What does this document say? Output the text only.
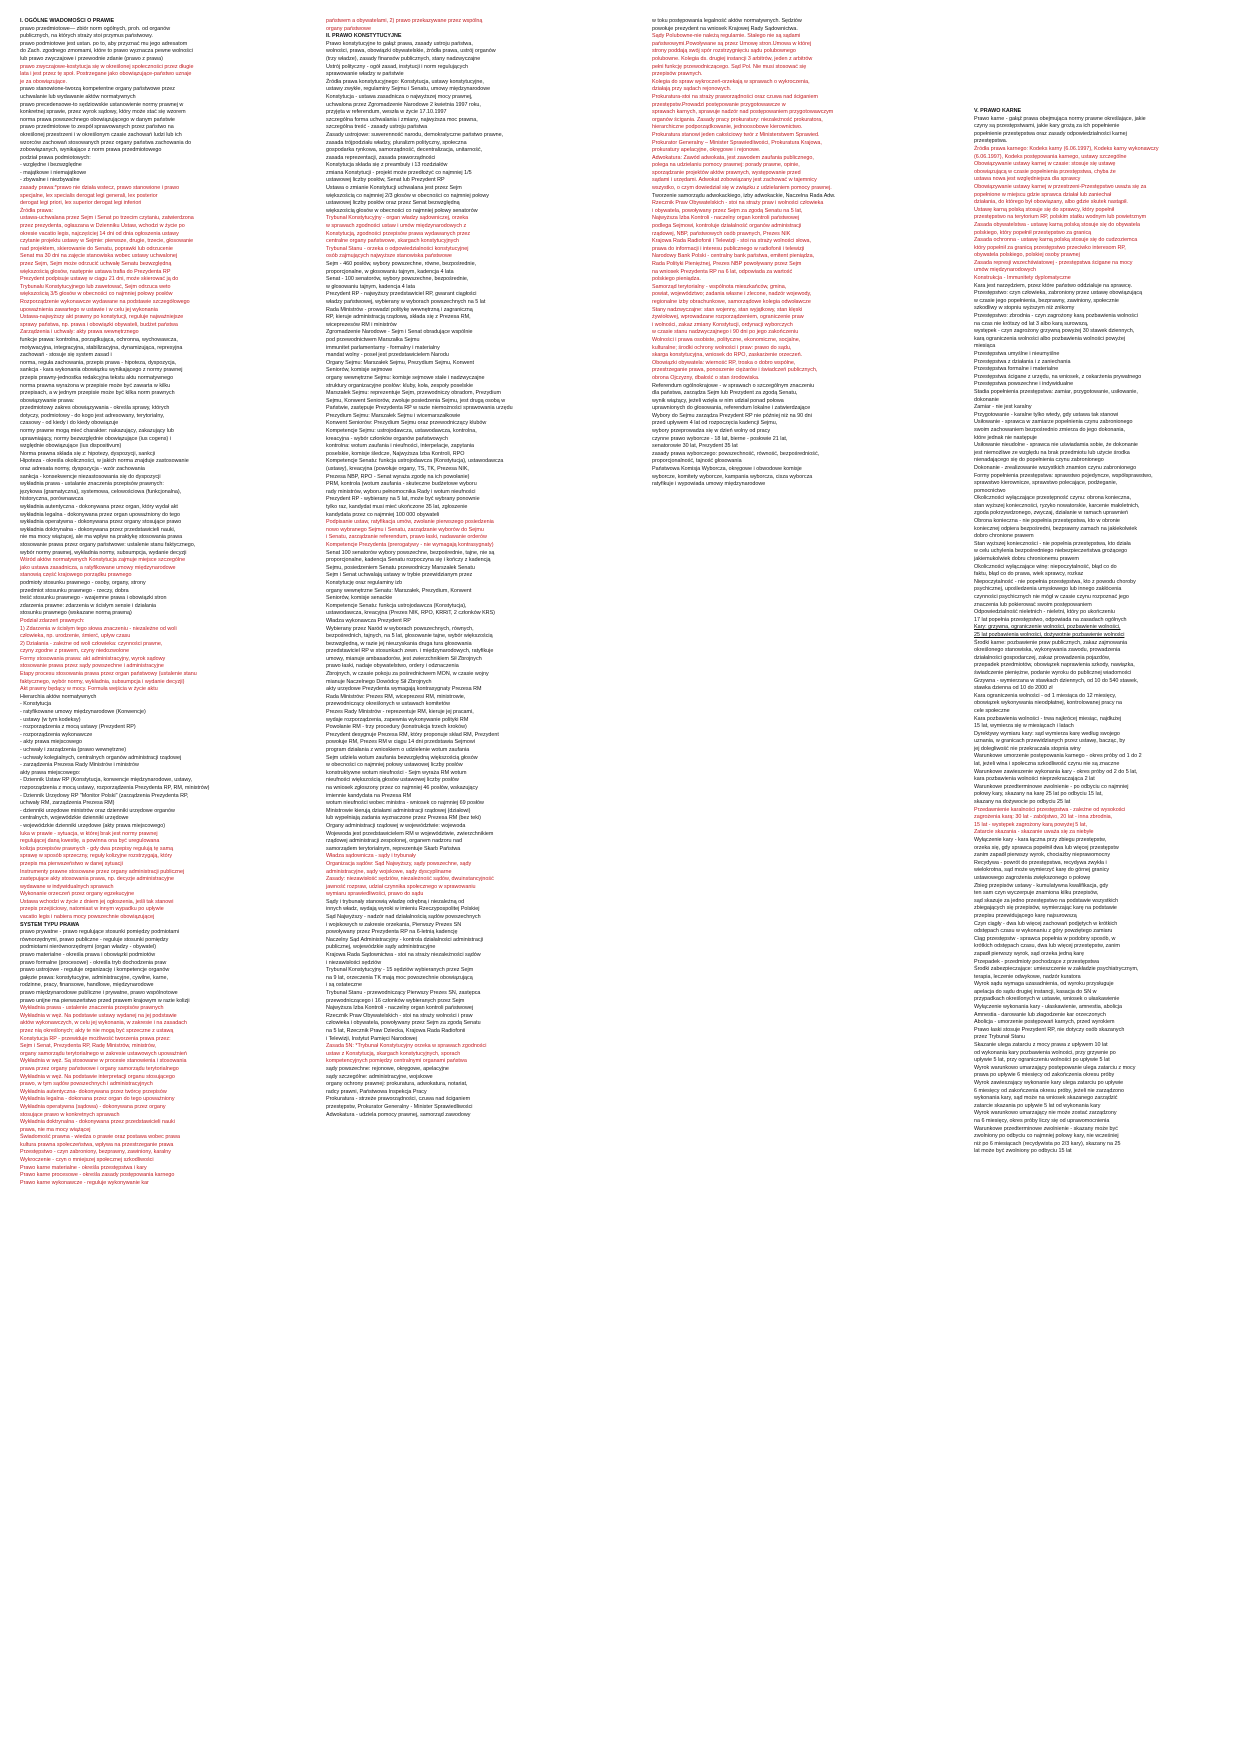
I. OGÓLNE WIADOMOŚCI O PRAWIE
prawo przedmiotowe— zbiór norm ogólnych, proh. od organów
publicznych, na których straży stoi przymus państwowy.
prawo podmiotowe jest ustan. po to, aby przyznać mu jego adresatom
do Zach. zgodnego zmomami, które to prawo wyznacza pewne wolności
lub prawo zwyczajowe i przewodnie zdanie (prawo z prawa)
prawo zwyczajowe-kostytucja się w określonej społeczności przez długie
lata i jest przez tę społ. Postrzegane jako obowiązujące-państwo uznaje
je za obowiązujące.
prawo stanowione-tworzą kompetentne organy państwowe przez
uchwalanie lub wydawanie aktów normatywnych
prawo precedensowe-to sędziowskie ustanowienie normy prawnej w
konkretnej sprawie, przez wyrok sądowy, który może stać się wzorem
norma prawa powszechnego obowiązującego w danym państwie
prawo przedmiotowe to zespół sprawowanych przez państwo na
określonej przestrzeni i w określonym czasie zachowań ludzi lub ich
wzorców zachowań stosowanych przez organy państwa zachowania do
zobowiązanych, wynikające z norm prawa przedmiotowego
podział prawa podmiotowych:
- względne i bezwzględne
- majątkowe i niemajątkowe
- zbywalne i niezbywalne
zasady prawa:*prawo nie działa wstecz, prawo stanowione i prawo
specjalne, lex specialis derogat legi generali, lex posterior
derogat legi priori, lex superior derogat legi inferiori
Źródła prawa:
ustawa-uchwalana przez Sejm i Senat po trzecim czytaniu, zatwierdzona
przez prezydenta, ogłaszana w Dzienniku Ustaw, wchodzi w życie po
okresie vacatio legis, najczęściej 14 dni od dnia ogłoszenia ustawy
czytanie projektu ustawy w Sejmie: pierwsze, drugie, trzecie, głosowanie
nad projektem, skierowanie do Senatu, poprawki lub odrzucenie
Senat ma 30 dni na zajęcie stanowiska wobec ustawy uchwalonej
przez Sejm, Sejm może odrzucić uchwałę Senatu bezwzględną
większością głosów, następnie ustawa trafia do Prezydenta RP
Prezydent podpisuje ustawę w ciągu 21 dni, może skierować ją do
Trybunału Konstytucyjnego lub zawetować, Sejm odrzuca weto
większością 3/5 głosów w obecności co najmniej połowy posłów
Rozporządzenie wykonawcze wydawane na podstawie szczegółowego
upoważnienia zawartego w ustawie i w celu jej wykonania
Ustawa-najwyższy akt prawny po konstytucji, reguluje najważniejsze
sprawy państwa, np. prawa i obowiązki obywateli, budżet państwa
Zarządzenia i uchwały: akty prawa wewnętrznego
funkcje prawa: kontrolna, porządkująca, ochronna, wychowawcza,
motywacyjna, integracyjna, stabilizacyjna, dynamizująca, represyjna
zachowań - stosuje się system zasad i
norma, reguła zachowania, przepis prawa - hipoteza, dyspozycja,
sankcja - kara wykonania obowiązku wynikającego z normy prawnej
przepis prawny-jednostka redakcyjna tekstu aktu normatywnego
norma prawna wyrażona w przepisie może być zawarta w kilku
przepisach, a w jednym przepisie może być kilka norm prawnych
obowiązywanie prawa:
przedmiotowy zakres obowiązywania - określa sprawy, których
dotyczy, podmiotowy - do kogo jest adresowany, terytorialny,
czasowy - od kiedy i do kiedy obowiązuje
normy prawne mogą mieć charakter: nakazujący, zakazujący lub
uprawniający, normy bezwzględnie obowiązujące (ius cogens) i
względnie obowiązujące (ius dispositivum)
Norma prawna składa się z: hipotezy, dyspozycji, sankcji
Hipoteza - określa okoliczności, w jakich norma znajduje zastosowanie
oraz adresata normy, dyspozycja - wzór zachowania
sankcja - konsekwencje niezastosowania się do dyspozycji
wykładnia prawa - ustalanie znaczenia przepisów prawnych:
językowa (gramatyczna), systemowa, celowościowa (funkcjonalna),
historyczna, porównawcza
wykładnia autentyczna - dokonywana przez organ, który wydał akt
wykładnia legalna - dokonywana przez organ upoważniony do tego
wykładnia operatywna - dokonywana przez organy stosujące prawo
wykładnia doktrynalna - dokonywana przez przedstawicieli nauki,
nie ma mocy wiążącej, ale ma wpływ na praktykę stosowania prawa
stosowanie prawa przez organy państwowe: ustalenie stanu faktycznego,
wybór normy prawnej, wykładnia normy, subsumpcja, wydanie decyzji
Wśród aktów normatywnych Konstytucja zajmuje miejsce szczególne
jako ustawa zasadnicza, a ratyfikowane umowy międzynarodowe
stanowią część krajowego porządku prawnego
podmioty stosunku prawnego - osoby, organy, strony
przedmiot stosunku prawnego - rzeczy, dobra
treść stosunku prawnego - wzajemne prawa i obowiązki stron
zdarzenia prawne: zdarzenia w ścisłym sensie i działania
stosunku prawnego (wskazane normą prawną)
Podział zdarzeń prawnych:
1) Zdarzenia w ścisłym tego słowa znaczeniu - niezależne od woli
człowieka, np. urodzenie, śmierć, upływ czasu
2) Działania - zależne od woli człowieka: czynności prawne,
czyny zgodne z prawem, czyny niedozwolone
Formy stosowania prawa: akt administracyjny, wyrok sądowy
stosowanie prawa przez sądy powszechne i administracyjne
Etapy procesu stosowania prawa przez organ państwowy (ustalenie stanu
faktycznego, wybór normy, wykładnia, subsumpcja i wydanie decyzji)
Akt prawny będący w mocy. Formuła wejścia w życie aktu
Hierarchia aktów normatywnych
- Konstytucja
- ratyfikowane umowy międzynarodowe (Konwencje)
- ustawy (w tym kodeksy)
- rozporządzenia z mocą ustawy (Prezydent RP)
- rozporządzenia wykonawcze
- akty prawa miejscowego
- uchwały i zarządzenia (prawo wewnętrzne)
- uchwały kolegialnych, centralnych organów administracji rządowej
- zarządzenia Prezesa Rady Ministrów i ministrów
akty prawa miejscowego:
- Dziennik Ustaw RP (Konstytucja, konwencje międzynarodowe, ustawy,
rozporządzenia z mocą ustawy, rozporządzenia Prezydenta RP, RM, ministrów)
- Dziennik Urzędowy RP "Monitor Polski" (zarządzenia Prezydenta RP,
uchwały RM, zarządzenia Prezesa RM)
- dzienniki urzędowe ministrów oraz dzienniki urzędowe organów
centralnych, wojewódzkie dzienniki urzędowe
- wojewódzkie dzienniki urzędowe (akty prawa miejscowego)
luka w prawie - sytuacja, w której brak jest normy prawnej
regulującej daną kwestię, a powinna ona być uregulowana
kolizja przepisów prawnych - gdy dwa przepisy regulują tę samą
sprawę w sposób sprzeczny, reguły kolizyjne rozstrzygają, który
przepis ma pierwszeństwo w danej sytuacji
Instrumenty prawne stosowane przez organy administracji publicznej
zastępujące akty stosowania prawa, np. decyzje administracyjne
wydawane w indywidualnych sprawach
Wykonanie orzeczeń przez organy egzekucyjne
Ustawa wchodzi w życie z dniem jej ogłoszenia, jeśli tak stanowi
przepis przejściowy, natomiast w innym wypadku po upływie
vacatio legis i nabiera mocy powszechnie obowiązującej
SYSTEM TYPU PRAWA
prawo prywatne - prawo regulujące stosunki pomiędzy podmiotami
równorzędnymi, prawo publiczne - reguluje stosunki pomiędzy
podmiotami nierównorzędnymi (organ władzy - obywatel)
prawo materialne - określa prawa i obowiązki podmiotów
prawo formalne (procesowe) - określa tryb dochodzenia praw
prawo ustrojowe - reguluje organizację i kompetencje organów
gałęzie prawa: konstytucyjne, administracyjne, cywilne, karne,
rodzinne, pracy, finansowe, handlowe, międzynarodowe
prawo międzynarodowe publiczne i prywatne, prawo wspólnotowe
prawo unijne ma pierwszeństwo przed prawem krajowym w razie kolizji
Wykładnia prawa - ustalenie znaczenia przepisów prawnych
Wykładnia w węż. Na podstawie ustawy wydanej na jej podstawie
aktów wykonawczych, w celu jej wykonania, w zakresie i na zasadach
przez nią określonych; akty te nie mogą być sprzeczne z ustawą
Konstytucja RP - przewiduje możliwość tworzenia prawa przez:
Sejm i Senat, Prezydenta RP, Radę Ministrów, ministrów,
organy samorządu terytorialnego w zakresie ustawowych upoważnień
Wykładnia w węż. Są stosowane w procesie stanowienia i stosowania
prawa przez organy państwowe i organy samorządu terytorialnego
Wykładnia w węż. Na podstawie interpretacji organu stosującego
prawo, w tym sądów powszechnych i administracyjnych
Wykładnia autentyczna- dokonywana przez twórcę przepisów
Wykładnia legalna - dokonana przez organ do tego upoważniony
Wykładnia operatywna (sądowa) - dokonywana przez organy
stosujące prawo w konkretnych sprawach
Wykładnia doktrynalna - dokonywana przez przedstawicieli nauki
prawa, nie ma mocy wiążącej
Świadomość prawna - wiedza o prawie oraz postawa wobec prawa
kultura prawna społeczeństwa, wpływa na przestrzeganie prawa
Przestępstwo - czyn zabroniony, bezprawny, zawiniony, karalny
Wykroczenie - czyn o mniejszej społecznej szkodliwości
Prawo karne materialne - określa przestępstwa i kary
Prawo karne procesowe - określa zasady postępowania karnego
Prawo karne wykonawcze - reguluje wykonywanie kar
państwem a obywatelami, 2) prawo przekazywane przez wspólną
organy państwowe
II. PRAWO KONSTYTUCYJNE
Prawo konstytucyjne to gałąź prawa, zasady ustroju państwa,
wolności, prawa, obowiązki obywatelskie, źródła prawa, ustrój organów
(trzy władze), zasady finansów publicznych, stany nadzwyczajne
Ustrój polityczny - ogół zasad, instytucji i norm regulujących
sprawowanie władzy w państwie
Źródła prawa konstytucyjnego: Konstytucja, ustawy konstytucyjne,
ustawy zwykłe, regulaminy Sejmu i Senatu, umowy międzynarodowe
Konstytucja - ustawa zasadnicza o najwyższej mocy prawnej,
uchwalona przez Zgromadzenie Narodowe 2 kwietnia 1997 roku,
przyjęta w referendum, weszła w życie 17.10.1997
szczególna forma uchwalania i zmiany, najwyższa moc prawna,
szczególna treść - zasady ustroju państwa
Zasady ustrojowe: suwerenność narodu, demokratyczne państwo prawne,
zasada trójpodziału władzy, pluralizm polityczny, społeczna
gospodarka rynkowa, samorządność, decentralizacja, unitarność,
zasada reprezentacji, zasada praworządności
Konstytucja składa się z preambuły i 13 rozdziałów
zmiana Konstytucji - projekt może przedłożyć co najmniej 1/5
ustawowej liczby posłów, Senat lub Prezydent RP
Ustawa o zmianie Konstytucji uchwalana jest przez Sejm
większością co najmniej 2/3 głosów w obecności co najmniej połowy
ustawowej liczby posłów oraz przez Senat bezwzględną
większością głosów w obecności co najmniej połowy senatorów
Trybunał Konstytucyjny - organ władzy sądowniczej, orzeka
w sprawach zgodności ustaw i umów międzynarodowych z
Konstytucją, zgodności przepisów prawa wydawanych przez
centralne organy państwowe, skargach konstytucyjnych
Trybunał Stanu - orzeka o odpowiedzialności konstytucyjnej
osób zajmujących najwyższe stanowiska państwowe
Sejm - 460 posłów, wybory powszechne, równe, bezpośrednie,
proporcjonalne, w głosowaniu tajnym, kadencja 4 lata
Senat - 100 senatorów, wybory powszechne, bezpośrednie,
w głosowaniu tajnym, kadencja 4 lata
Prezydent RP - najwyższy przedstawiciel RP, gwarant ciągłości
władzy państwowej, wybierany w wyborach powszechnych na 5 lat
Rada Ministrów - prowadzi politykę wewnętrzną i zagraniczną
RP, kieruje administracją rządową, składa się z Prezesa RM,
wiceprezesów RM i ministrów
Zgromadzenie Narodowe - Sejm i Senat obradujące wspólnie
pod przewodnictwem Marszałka Sejmu
immunitet parlamentarny - formalny i materialny
mandat wolny - poseł jest przedstawicielem Narodu
Organy Sejmu: Marszałek Sejmu, Prezydium Sejmu, Konwent
Seniorów, komisje sejmowe
organy wewnętrzne Sejmu: komisje sejmowe stałe i nadzwyczajne
struktury organizacyjne posłów: kluby, koła, zespoły poselskie
Marszałek Sejmu: reprezentuje Sejm, przewodniczy obradom, Prezydium
Sejmu, Konwent Seniorów, zwołuje posiedzenia Sejmu, jest drugą osobą w
Państwie, zastępuje Prezydenta RP w razie niemożności sprawowania urzędu
Prezydium Sejmu: Marszałek Sejmu i wicemarszałkowie
Konwent Seniorów: Prezydium Sejmu oraz przewodniczący klubów
Kompetencje Sejmu: ustrojodawcza, ustawodawcza, kontrolna,
kreacyjna - wybór członków organów państwowych
kontrolna: wotum zaufania i nieufności, interpelacje, zapytania
poselskie, komisje śledcze, Najwyższa Izba Kontroli, RPO
Kompetencje Senatu: funkcja ustrojodawcza (Konstytucja), ustawodawcza
(ustawy), kreacyjna (powołuje organy, TS, TK, Prezesa NIK,
Prezesa NBP, RPO - Senat wyraża zgodę na ich powołanie)
PRM, kontrola (wotum zaufania - skuteczne budżetowe wyboru
rady ministrów, wyboru pełnomocnika Rady i wotum nieufności
Prezydent RP - wybierany na 5 lat, może być wybrany ponownie
tylko raz, kandydat musi mieć ukończone 35 lat, zgłoszenie
kandydata przez co najmniej 100 000 obywateli
Podpisanie ustaw, ratyfikacja umów, zwołanie pierwszego posiedzenia
nowo wybranego Sejmu i Senatu, zarządzanie wyborów do Sejmu
i Senatu, zarządzanie referendum, prawo łaski, nadawanie orderów
Kompetencje Prezydenta (prerogatywy - nie wymagają kontrasygnaty)
Senat 100 senatorów wybory powszechne, bezpośrednie, tajne, nie są
proporcjonalne, kadencja Senatu rozpoczyna się i kończy z kadencją
Sejmu, posiedzeniem Senatu przewodniczy Marszałek Senatu
Sejm i Senat uchwalają ustawy w trybie przewidzianym przez
Konstytucję oraz regulaminy izb
organy wewnętrzne Senatu: Marszałek, Prezydium, Konwent
Seniorów, komisje senackie
Kompetencje Senatu: funkcja ustrojodawcza (Konstytucja),
ustawodawcza, kreacyjna (Prezes NIK, RPO, KRRiT, 2 członków KRS)
Władza wykonawcza Prezydent RP
Wybierany przez Naród w wyborach powszechnych, równych,
bezpośrednich, tajnych, na 5 lat, głosowanie tajne, wybór większością
bezwzględną, w razie jej nieuzyskania druga tura głosowania
przedstawiciel RP w stosunkach zewn. i międzynarodowych, ratyfikuje
umowy, mianuje ambasadorów, jest zwierzchnikiem Sił Zbrojnych
prawo łaski, nadaje obywatelstwo, ordery i odznaczenia
Zbrojnych, w czasie pokoju za pośrednictwem MON, w czasie wojny
mianuje Naczelnego Dowódcę Sił Zbrojnych
akty urzędowe Prezydenta wymagają kontrasygnaty Prezesa RM
Rada Ministrów: Prezes RM, wiceprezesi RM, ministrowie,
przewodniczący określonych w ustawach komitetów
Prezes Rady Ministrów - reprezentuje RM, kieruje jej pracami,
wydaje rozporządzenia, zapewnia wykonywanie polityki RM
Powołanie RM - trzy procedury (konstrukcja trzech kroków)
Prezydent desygnuje Prezesa RM, który proponuje skład RM, Prezydent
powołuje RM, Prezes RM w ciągu 14 dni przedstawia Sejmowi
program działania z wnioskiem o udzielenie wotum zaufania
Sejm udziela wotum zaufania bezwzględną większością głosów
w obecności co najmniej połowy ustawowej liczby posłów
konstruktywne wotum nieufności - Sejm wyraża RM wotum
nieufności większością głosów ustawowej liczby posłów
na wniosek zgłoszony przez co najmniej 46 posłów, wskazujący
imiennie kandydata na Prezesa RM
wotum nieufności wobec ministra - wniosek co najmniej 69 posłów
Ministrowie kierują działami administracji rządowej (działowi)
lub wypełniają zadania wyznaczone przez Prezesa RM (bez teki)
Organy administracji rządowej w województwie: wojewoda
Wojewoda jest przedstawicielem RM w województwie, zwierzchnikiem
rządowej administracji zespolonej, organem nadzoru nad
samorządem terytorialnym, reprezentuje Skarb Państwa
Władza sądownicza - sądy i trybunały
Organizacja sądów: Sąd Najwyższy, sądy powszechne, sądy
administracyjne, sądy wojskowe, sądy dyscyplinarne
Zasady: niezawisłość sędziów, niezależność sądów, dwuinstancyjność
jawność rozpraw, udział czynnika społecznego w sprawowaniu
wymiaru sprawiedliwości, prawo do sądu
Sądy i trybunały stanowią władzę odrębną i niezależną od
innych władz, wydają wyroki w imieniu Rzeczypospolitej Polskiej
Sąd Najwyższy - nadzór nad działalnością sądów powszechnych
i wojskowych w zakresie orzekania, Pierwszy Prezes SN
powoływany przez Prezydenta RP na 6-letnią kadencję
Naczelny Sąd Administracyjny - kontrola działalności administracji
publicznej, wojewódzkie sądy administracyjne
Krajowa Rada Sądownictwa - stoi na straży niezależności sądów
i niezawisłości sędziów
Trybunał Konstytucyjny - 15 sędziów wybieranych przez Sejm
na 9 lat, orzeczenia TK mają moc powszechnie obowiązującą
i są ostateczne
Trybunał Stanu - przewodniczący Pierwszy Prezes SN, zastępca
przewodniczącego i 16 członków wybieranych przez Sejm
Najwyższa Izba Kontroli - naczelny organ kontroli państwowej
Rzecznik Praw Obywatelskich - stoi na straży wolności i praw
człowieka i obywatela, powoływany przez Sejm za zgodą Senatu
na 5 lat, Rzecznik Praw Dziecka, Krajowa Rada Radiofonii
i Telewizji, Instytut Pamięci Narodowej
Zasada 5N: *Trybunał Konstytucyjny orzeka w sprawach zgodności
ustaw z Konstytucją, skargach konstytucyjnych, sporach
kompetencyjnych pomiędzy centralnymi organami państwa
sądy powszechne: rejonowe, okręgowe, apelacyjne
sądy szczególne: administracyjne, wojskowe
organy ochrony prawnej: prokuratura, adwokatura, notariat,
radcy prawni, Państwowa Inspekcja Pracy
Prokuratura - strzeże praworządności, czuwa nad ściganiem
przestępstw, Prokurator Generalny - Minister Sprawiedliwości
Adwokatura - udziela pomocy prawnej, samorząd zawodowy
w toku postępowania legalność aktów normatywnych. Sędziów
powołuje prezydent na wniosek Krajowej Rady Sądownictwa.
Sądy Polubowne-nie należą regularnie. Stałego nie są sądami
państwowymi.Powoływane są przez Umowę stron.Umowa w której
strony poddają swój spór rozstrzygnięciu sądu polubownego
polubowne. Kolegia ds. drugiej instancji 3 arbitrów, jeden z arbitrów
pełni funkcję przewodniczącego. Sąd Pol. Nie musi stosować się
przepisów prawnych.
Kolegia do spraw wykroczeń-orzekają w sprawach o wykroczenia,
działają przy sądach rejonowych.
Prokuratura-stoi na straży praworządności oraz czuwa nad ściganiem
przestępstw.Prowadzi postępowanie przygotowawcze w
sprawach karnych, sprawuje nadzór nad postępowaniem przygotowawczym
organów ścigania. Zasady pracy prokuratury: niezależność prokuratora,
hierarchiczne podporządkowanie, jednoosobowe kierownictwo.
Prokuratura stanowi jeden całościowy twór z Ministerstwem Sprawied.
Prokurator Generalny – Minister Sprawiedliwości, Prokuratura Krajowa,
prokuratury apelacyjne, okręgowe i rejonowe.
Adwokatura: Zawód adwokata, jest zawodem zaufania publicznego,
polega na udzielaniu pomocy prawnej: porady prawne, opinie,
sporządzanie projektów aktów prawnych, występowanie przed
sądami i urzędami. Adwokat zobowiązany jest zachować w tajemnicy
wszystko, o czym dowiedział się w związku z udzielaniem pomocy prawnej.
Tworzenie samorządu adwokackiego, izby adwokackie, Naczelna Rada Adw.
Rzecznik Praw Obywatelskich - stoi na straży praw i wolności człowieka
i obywatela, powoływany przez Sejm za zgodą Senatu na 5 lat,
Najwyższa Izba Kontroli - naczelny organ kontroli państwowej
podlega Sejmowi, kontroluje działalność organów administracji
rządowej, NBP, państwowych osób prawnych, Prezes NIK
Krajowa Rada Radiofonii i Telewizji - stoi na straży wolności słowa,
prawa do informacji i interesu publicznego w radiofonii i telewizji
Narodowy Bank Polski - centralny bank państwa, emitent pieniądza,
Rada Polityki Pieniężnej, Prezes NBP powoływany przez Sejm
na wniosek Prezydenta RP na 6 lat, odpowiada za wartość
polskiego pieniądza.
Samorząd terytorialny - wspólnota mieszkańców, gmina,
powiat, województwo; zadania własne i zlecone, nadzór wojewody,
regionalne izby obrachunkowe, samorządowe kolegia odwoławcze
Stany nadzwyczajne: stan wojenny, stan wyjątkowy, stan klęski
żywiołowej, wprowadzane rozporządzeniem, ograniczenie praw
i wolności, zakaz zmiany Konstytucji, ordynacji wyborczych
w czasie stanu nadzwyczajnego i 90 dni po jego zakończeniu
Wolności i prawa osobiste, polityczne, ekonomiczne, socjalne,
kulturalne; środki ochrony wolności i praw: prawo do sądu,
skarga konstytucyjna, wniosek do RPO, zaskarżenie orzeczeń.
Obowiązki obywatela: wierność RP, troska o dobro wspólne,
przestrzeganie prawa, ponoszenie ciężarów i świadczeń publicznych,
obrona Ojczyzny, dbałość o stan środowiska.
Referendum ogólnokrajowe - w sprawach o szczególnym znaczeniu
dla państwa, zarządza Sejm lub Prezydent za zgodą Senatu,
wynik wiążący, jeżeli wzięła w nim udział ponad połowa
uprawnionych do głosowania, referendum lokalne i zatwierdzające
Wybory do Sejmu zarządza Prezydent RP nie później niż na 90 dni
przed upływem 4 lat od rozpoczęcia kadencji Sejmu,
wybory przeprowadza się w dzień wolny od pracy
czynne prawo wyborcze - 18 lat, bierne - posłowie 21 lat,
senatorowie 30 lat, Prezydent 35 lat
zasady prawa wyborczego: powszechność, równość, bezpośredniość,
proporcjonalność, tajność głosowania
Państwowa Komisja Wyborcza, okręgowe i obwodowe komisje
wyborcze, komitety wyborcze, kampania wyborcza, cisza wyborcza
ratyfikuje i wypowiada umowy międzynarodowe
V. PRAWO KARNE
Prawo karne - gałąź prawa obejmująca normy prawne określające, jakie
czyny są przestępstwami, jakie kary grożą za ich popełnienie
popełnienie przestępstwa oraz zasady odpowiedzialności karnej
przestępstwa.
Źródła prawa karnego: Kodeks karny (6.06.1997), Kodeks karny wykonawczy
(6.06.1997), Kodeks postępowania karnego, ustawy szczególne
Obowiązywanie ustawy karnej w czasie: stosuje się ustawę
obowiązującą w czasie popełnienia przestępstwa, chyba że
ustawa nowa jest względniejsza dla sprawcy
Obowiązywanie ustawy karnej w przestrzeni-Przestępstwo uważa się za
popełnione w miejscu gdzie sprawca działał lub zaniechał
działania, do którego był obowiązany, albo gdzie skutek nastąpił.
Ustawę karną polską stosuje się do sprawcy, który popełnił
przestępstwo na terytorium RP, polskim statku wodnym lub powietrznym
Zasada obywatelstwa - ustawę karną polską stosuje się do obywatela
polskiego, który popełnił przestępstwo za granicą
Zasada ochronna - ustawę karną polską stosuje się do cudzoziemca
który popełnił za granicą przestępstwo przeciwko interesom RP,
obywatela polskiego, polskiej osoby prawnej
Zasada represji wszechświatowej - przestępstwa ścigane na mocy
umów międzynarodowych
Konstrukcja - Immunitety dyplomatyczne
Kara jest narzędziem, przez które państwo oddziałuje na sprawcę.
Przestępstwo: czyn człowieka, zabroniony przez ustawę obowiązującą
w czasie jego popełnienia, bezprawny, zawiniony, społecznie
szkodliwy w stopniu wyższym niż znikomy
Przestępstwo: zbrodnia - czyn zagrożony karą pozbawienia wolności
na czas nie krótszy od lat 3 albo karą surowszą,
występek - czyn zagrożony grzywną powyżej 30 stawek dziennych,
karą ograniczenia wolności albo pozbawienia wolności powyżej
miesiąca
Przestępstwa umyślne i nieumyślne
Przestępstwa z działania i z zaniechania
Przestępstwa formalne i materialne
Przestępstwa ścigane z urzędu, na wniosek, z oskarżenia prywatnego
Przestępstwa powszechne i indywidualne
Stadia popełnienia przestępstwa: zamiar, przygotowanie, usiłowanie,
dokonanie
Zamiar - nie jest karalny
Przygotowanie - karalne tylko wtedy, gdy ustawa tak stanowi
Usiłowanie - sprawca w zamiarze popełnienia czynu zabronionego
swoim zachowaniem bezpośrednio zmierza do jego dokonania,
które jednak nie następuje
Usiłowanie nieudolne - sprawca nie uświadamia sobie, że dokonanie
jest niemożliwe ze względu na brak przedmiotu lub użycie środka
nienadającego się do popełnienia czynu zabronionego
Dokonanie - zrealizowanie wszystkich znamion czynu zabronionego
Formy popełnienia przestępstwa: sprawstwo pojedyncze, współsprawstwo,
sprawstwo kierownicze, sprawstwo polecające, podżeganie,
pomocnictwo
Okoliczności wyłączające przestępność czynu: obrona konieczna,
stan wyższej konieczności, ryzyko nowatorskie, karcenie małoletnich,
zgoda pokrzywdzonego, zwyczaj, działanie w ramach uprawnień
Obrona konieczna - nie popełnia przestępstwa, kto w obronie
koniecznej odpiera bezpośredni, bezprawny zamach na jakiekolwiek
dobro chronione prawem
Stan wyższej konieczności - nie popełnia przestępstwa, kto działa
w celu uchylenia bezpośredniego niebezpieczeństwa grożącego
jakiemukolwiek dobru chronionemu prawem
Okoliczności wyłączające winę: niepoczytalność, błąd co do
faktu, błąd co do prawa, wiek sprawcy, rozkaz
Niepoczytalność - nie popełnia przestępstwa, kto z powodu choroby
psychicznej, upośledzenia umysłowego lub innego zakłócenia
czynności psychicznych nie mógł w czasie czynu rozpoznać jego
znaczenia lub pokierować swoim postępowaniem
Odpowiedzialność nieletnich - nieletni, który po ukończeniu
17 lat popełnia przestępstwo, odpowiada na zasadach ogólnych
Kary: grzywna, ograniczenie wolności, pozbawienie wolności,
25 lat pozbawienia wolności, dożywotnie pozbawienie wolności
Środki karne: pozbawienie praw publicznych, zakaz zajmowania
określonego stanowiska, wykonywania zawodu, prowadzenia
działalności gospodarczej, zakaz prowadzenia pojazdów,
przepadek przedmiotów, obowiązek naprawienia szkody, nawiązka,
świadczenie pieniężne, podanie wyroku do publicznej wiadomości
Grzywna - wymierzana w stawkach dziennych, od 10 do 540 stawek,
stawka dzienna od 10 do 2000 zł
Kara ograniczenia wolności - od 1 miesiąca do 12 miesięcy,
obowiązek wykonywania nieodpłatnej, kontrolowanej pracy na
cele społeczne
Kara pozbawienia wolności - trwa najkrócej miesiąc, najdłużej
15 lat, wymierza się w miesiącach i latach
Dyrektywy wymiaru kary: sąd wymierza karę według swojego
uznania, w granicach przewidzianych przez ustawę, bacząc, by
jej dolegliwość nie przekraczała stopnia winy
Warunkowe umorzenie postępowania karnego - okres próby od 1 do 2
lat, jeżeli wina i społeczna szkodliwość czynu nie są znaczne
Warunkowe zawieszenie wykonania kary - okres próby od 2 do 5 lat,
kara pozbawienia wolności nieprzekraczająca 2 lat
Warunkowe przedterminowe zwolnienie - po odbyciu co najmniej
połowy kary, skazany na karę 25 lat po odbyciu 15 lat,
skazany na dożywocie po odbyciu 25 lat
Przedawnienie karalności przestępstwa - zależne od wysokości
zagrożenia karą: 30 lat - zabójstwo, 20 lat - inna zbrodnia,
15 lat - występek zagrożony karą powyżej 5 lat,
Zatarcie skazania - skazanie uważa się za niebyłe
Wyłączenie kary - kara łączna przy zbiegu przestępstw,
orzeka się, gdy sprawca popełnił dwa lub więcej przestępstw
zanim zapadł pierwszy wyrok, chociażby nieprawomocny
Recydywa - powrót do przestępstwa, recydywa zwykła i
wielokrotna, sąd może wymierzyć karę do górnej granicy
ustawowego zagrożenia zwiększonego o połowę
Zbieg przepisów ustawy - kumulatywna kwalifikacja, gdy
ten sam czyn wyczerpuje znamiona kilku przepisów,
sąd skazuje za jedno przestępstwo na podstawie wszystkich
zbiegających się przepisów, wymierzając karę na podstawie
przepisu przewidującego karę najsurowszą
Czyn ciągły - dwa lub więcej zachowań podjętych w krótkich
odstępach czasu w wykonaniu z góry powziętego zamiaru
Ciąg przestępstw - sprawca popełnia w podobny sposób, w
krótkich odstępach czasu, dwa lub więcej przestępstw, zanim
zapadł pierwszy wyrok, sąd orzeka jedną karę
Przepadek - przedmioty pochodzące z przestępstwa
Środki zabezpieczające: umieszczenie w zakładzie psychiatrycznym,
terapia, leczenie odwykowe, nadzór kuratora
Wyrok sądu wymaga uzasadnienia, od wyroku przysługuje
apelacja do sądu drugiej instancji, kasacja do SN w
przypadkach określonych w ustawie, wniosek o ułaskawienie
Wyłączenie wykonania kary - ułaskawienie, amnestia, abolicja
Amnestia - darowanie lub złagodzenie kar orzeczonych
Abolicja - umorzenie postępowań karnych, przed wyrokiem
Prawo łaski stosuje Prezydent RP, nie dotyczy osób skazanych
przez Trybunał Stanu
Skazanie ulega zatarciu z mocy prawa z upływem 10 lat
od wykonania kary pozbawienia wolności, przy grzywnie po
upływie 5 lat, przy ograniczeniu wolności po upływie 5 lat
Wyrok warunkowo umarzający postępowanie ulega zatarciu z mocy
prawa po upływie 6 miesięcy od zakończenia okresu próby
Wyrok zawieszający wykonanie kary ulega zatarciu po upływie
6 miesięcy od zakończenia okresu próby, jeżeli nie zarządzono
wykonania kary, sąd może na wniosek skazanego zarządzić
zatarcie skazania po upływie 5 lat od wykonania kary
Wyrok warunkowo umarzający nie może zostać zarządzony
na 6 miesięcy, okres próby liczy się od uprawomocnienia
Warunkowe przedterminowe zwolnienie - skazany może być
zwolniony po odbyciu co najmniej połowy kary, nie wcześniej
niż po 6 miesiącach (recydywista po 2/3 kary), skazany na 25
lat może być zwolniony po odbyciu 15 lat
